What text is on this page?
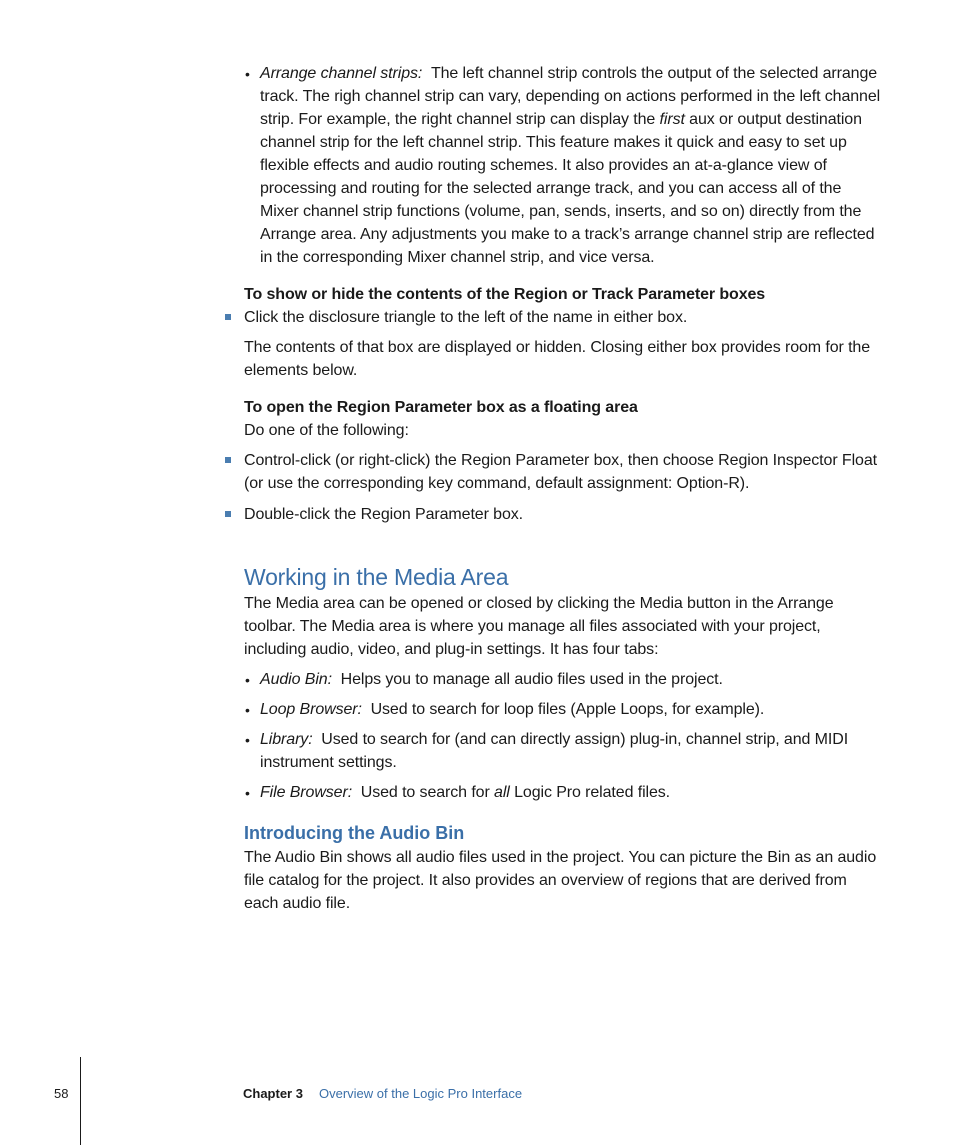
• Arrange channel strips: The left channel strip controls the output of the selected arrange track. The righ channel strip can vary, depending on actions performed in the left channel strip. For example, the right channel strip can display the first aux or output destination channel strip for the left channel strip. This feature makes it quick and easy to set up flexible effects and audio routing schemes. It also provides an at-a-glance view of processing and routing for the selected arrange track, and you can access all of the Mixer channel strip functions (volume, pan, sends, inserts, and so on) directly from the Arrange area. Any adjustments you make to a track’s arrange channel strip are reflected in the corresponding Mixer channel strip, and vice versa.
To show or hide the contents of the Region or Track Parameter boxes
Click the disclosure triangle to the left of the name in either box.
The contents of that box are displayed or hidden. Closing either box provides room for the elements below.
To open the Region Parameter box as a floating area
Do one of the following:
Control-click (or right-click) the Region Parameter box, then choose Region Inspector Float (or use the corresponding key command, default assignment: Option-R).
Double-click the Region Parameter box.
Working in the Media Area
The Media area can be opened or closed by clicking the Media button in the Arrange toolbar. The Media area is where you manage all files associated with your project, including audio, video, and plug-in settings. It has four tabs:
• Audio Bin: Helps you to manage all audio files used in the project.
• Loop Browser: Used to search for loop files (Apple Loops, for example).
• Library: Used to search for (and can directly assign) plug-in, channel strip, and MIDI instrument settings.
• File Browser: Used to search for all Logic Pro related files.
Introducing the Audio Bin
The Audio Bin shows all audio files used in the project. You can picture the Bin as an audio file catalog for the project. It also provides an overview of regions that are derived from each audio file.
58	Chapter 3 Overview of the Logic Pro Interface
